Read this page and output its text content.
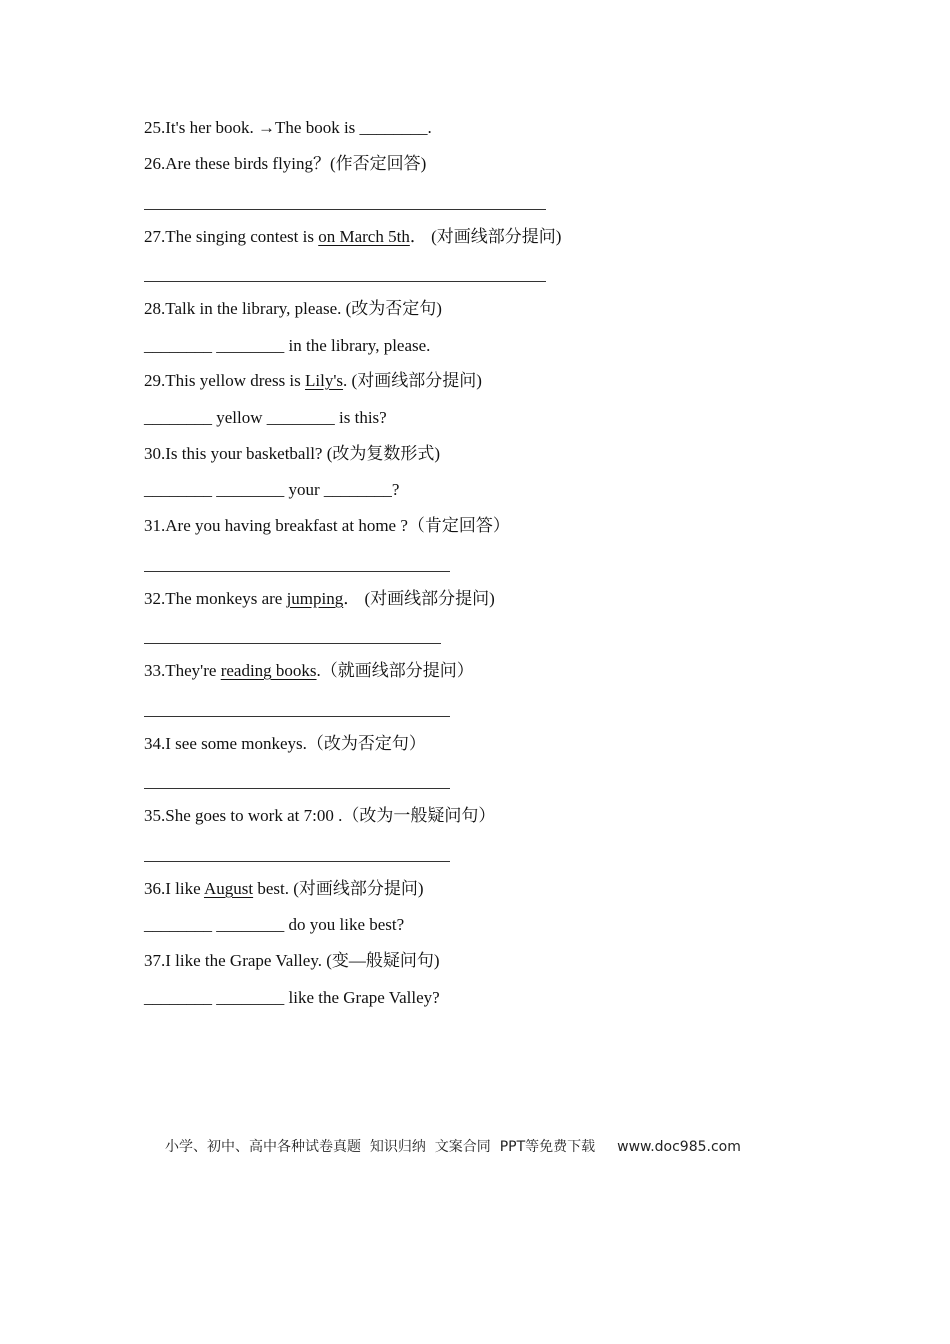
25.It's her book. →The book is ________.
26.Are these birds flying？(作否定回答)
27.The singing contest is on March 5th． (对画线部分提问)
28.Talk in the library, please. (改为否定句)
________ ________ in the library, please.
29.This yellow dress is Lily's. (对画线部分提问)
________ yellow ________ is this?
30.Is this your basketball? (改为复数形式)
________ ________ your ________?
31.Are you having breakfast at home ?（肯定回答）
32.The monkeys are jumping． (对画线部分提问)
33.They're reading books.（就画线部分提问）
34.I see some monkeys.（改为否定句）
35.She goes to work at 7:00 .（改为一般疑问句）
36.I like August best. (对画线部分提问)
________ ________ do you like best?
37.I like the Grape Valley. (变—般疑问句)
________ ________ like the Grape Valley?
小学、初中、高中各种试卷真题  知识归纳  文案合同  PPT等免费下载 www.doc985.com
